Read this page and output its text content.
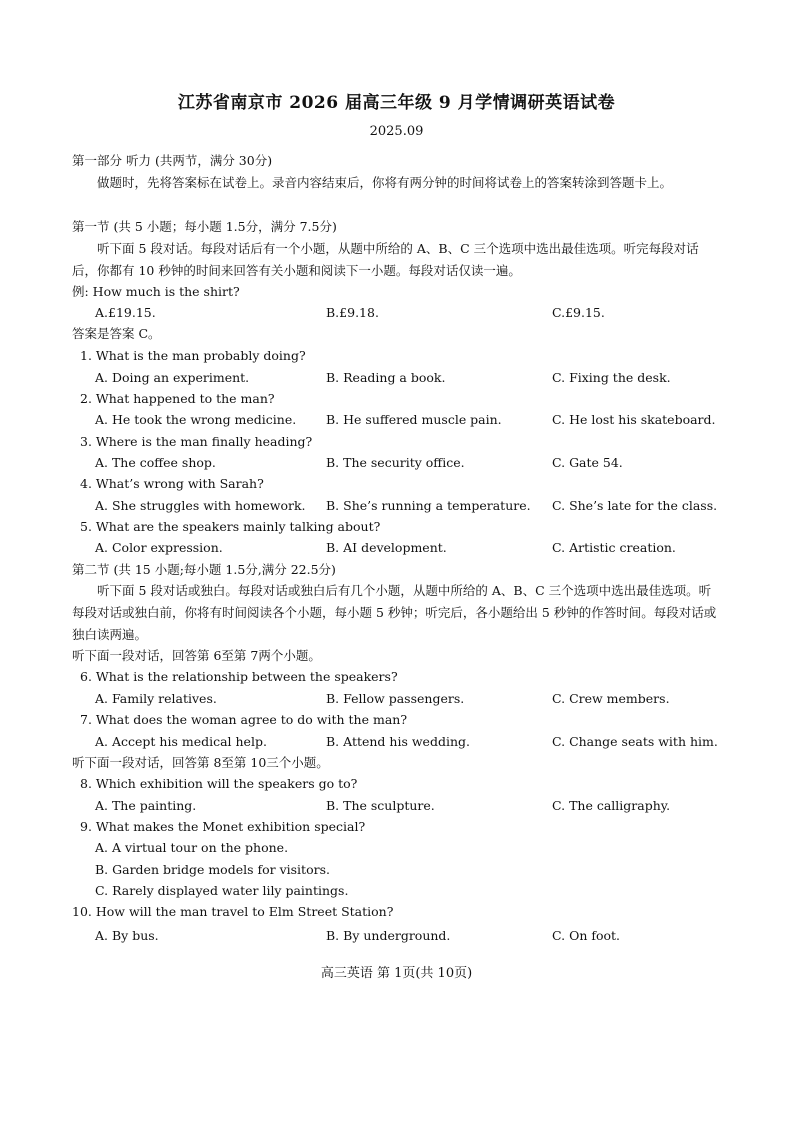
江苏省南京市 2026 届高三年级 9 月学情调研英语试卷
2025.09
第一部分 听力 (共两节，满分 30分)
做题时，先将答案标在试卷上。录音内容结束后，你将有两分钟的时间将试卷上的答案转涂到答题卡上。
第一节 (共 5 小题；每小题 1.5分，满分 7.5分)
听下面 5 段对话。每段对话后有一个小题，从题中所给的 A、B、C 三个选项中选出最佳选项。听完每段对话后，你都有 10 秒钟的时间来回答有关小题和阅读下一小题。每段对话仅读一遍。
例: How much is the shirt?
A.£19.15.	B.£9.18.	C.£9.15.
答案是答案 C。
1. What is the man probably doing?
A. Doing an experiment.	B. Reading a book.	C. Fixing the desk.
2. What happened to the man?
A. He took the wrong medicine. B. He suffered muscle pain.	C. He lost his skateboard.
3. Where is the man finally heading?
A. The coffee shop.	B. The security office.	C. Gate 54.
4. What’s wrong with Sarah?
A. She struggles with homework. B. She’s running a temperature. C. She’s late for the class.
5. What are the speakers mainly talking about?
A. Color expression.	B. AI development.	C. Artistic creation.
第二节 (共 15 小题;每小题 1.5分,满分 22.5分)
听下面 5 段对话或独白。每段对话或独白后有几个小题，从题中所给的 A、B、C 三个选项中选出最佳选项。听每段对话或独白前，你将有时间阅读各个小题，每小题 5 秒钟；听完后，各小题给出 5 秒钟的作答时间。每段对话或独白读两遍。
听下面一段对话，回答第 6至第 7两个小题。
6. What is the relationship between the speakers?
A. Family relatives.	B. Fellow passengers.	C. Crew members.
7. What does the woman agree to do with the man?
A. Accept his medical help.	B. Attend his wedding.	C. Change seats with him.
听下面一段对话，回答第 8至第 10三个小题。
8. Which exhibition will the speakers go to?
A. The painting.	B. The sculpture.	C. The calligraphy.
9. What makes the Monet exhibition special?
A. A virtual tour on the phone.
B. Garden bridge models for visitors.
C. Rarely displayed water lily paintings.
10. How will the man travel to Elm Street Station?
A. By bus.	B. By underground.	C. On foot.
高三英语 第 1页(共 10页)
